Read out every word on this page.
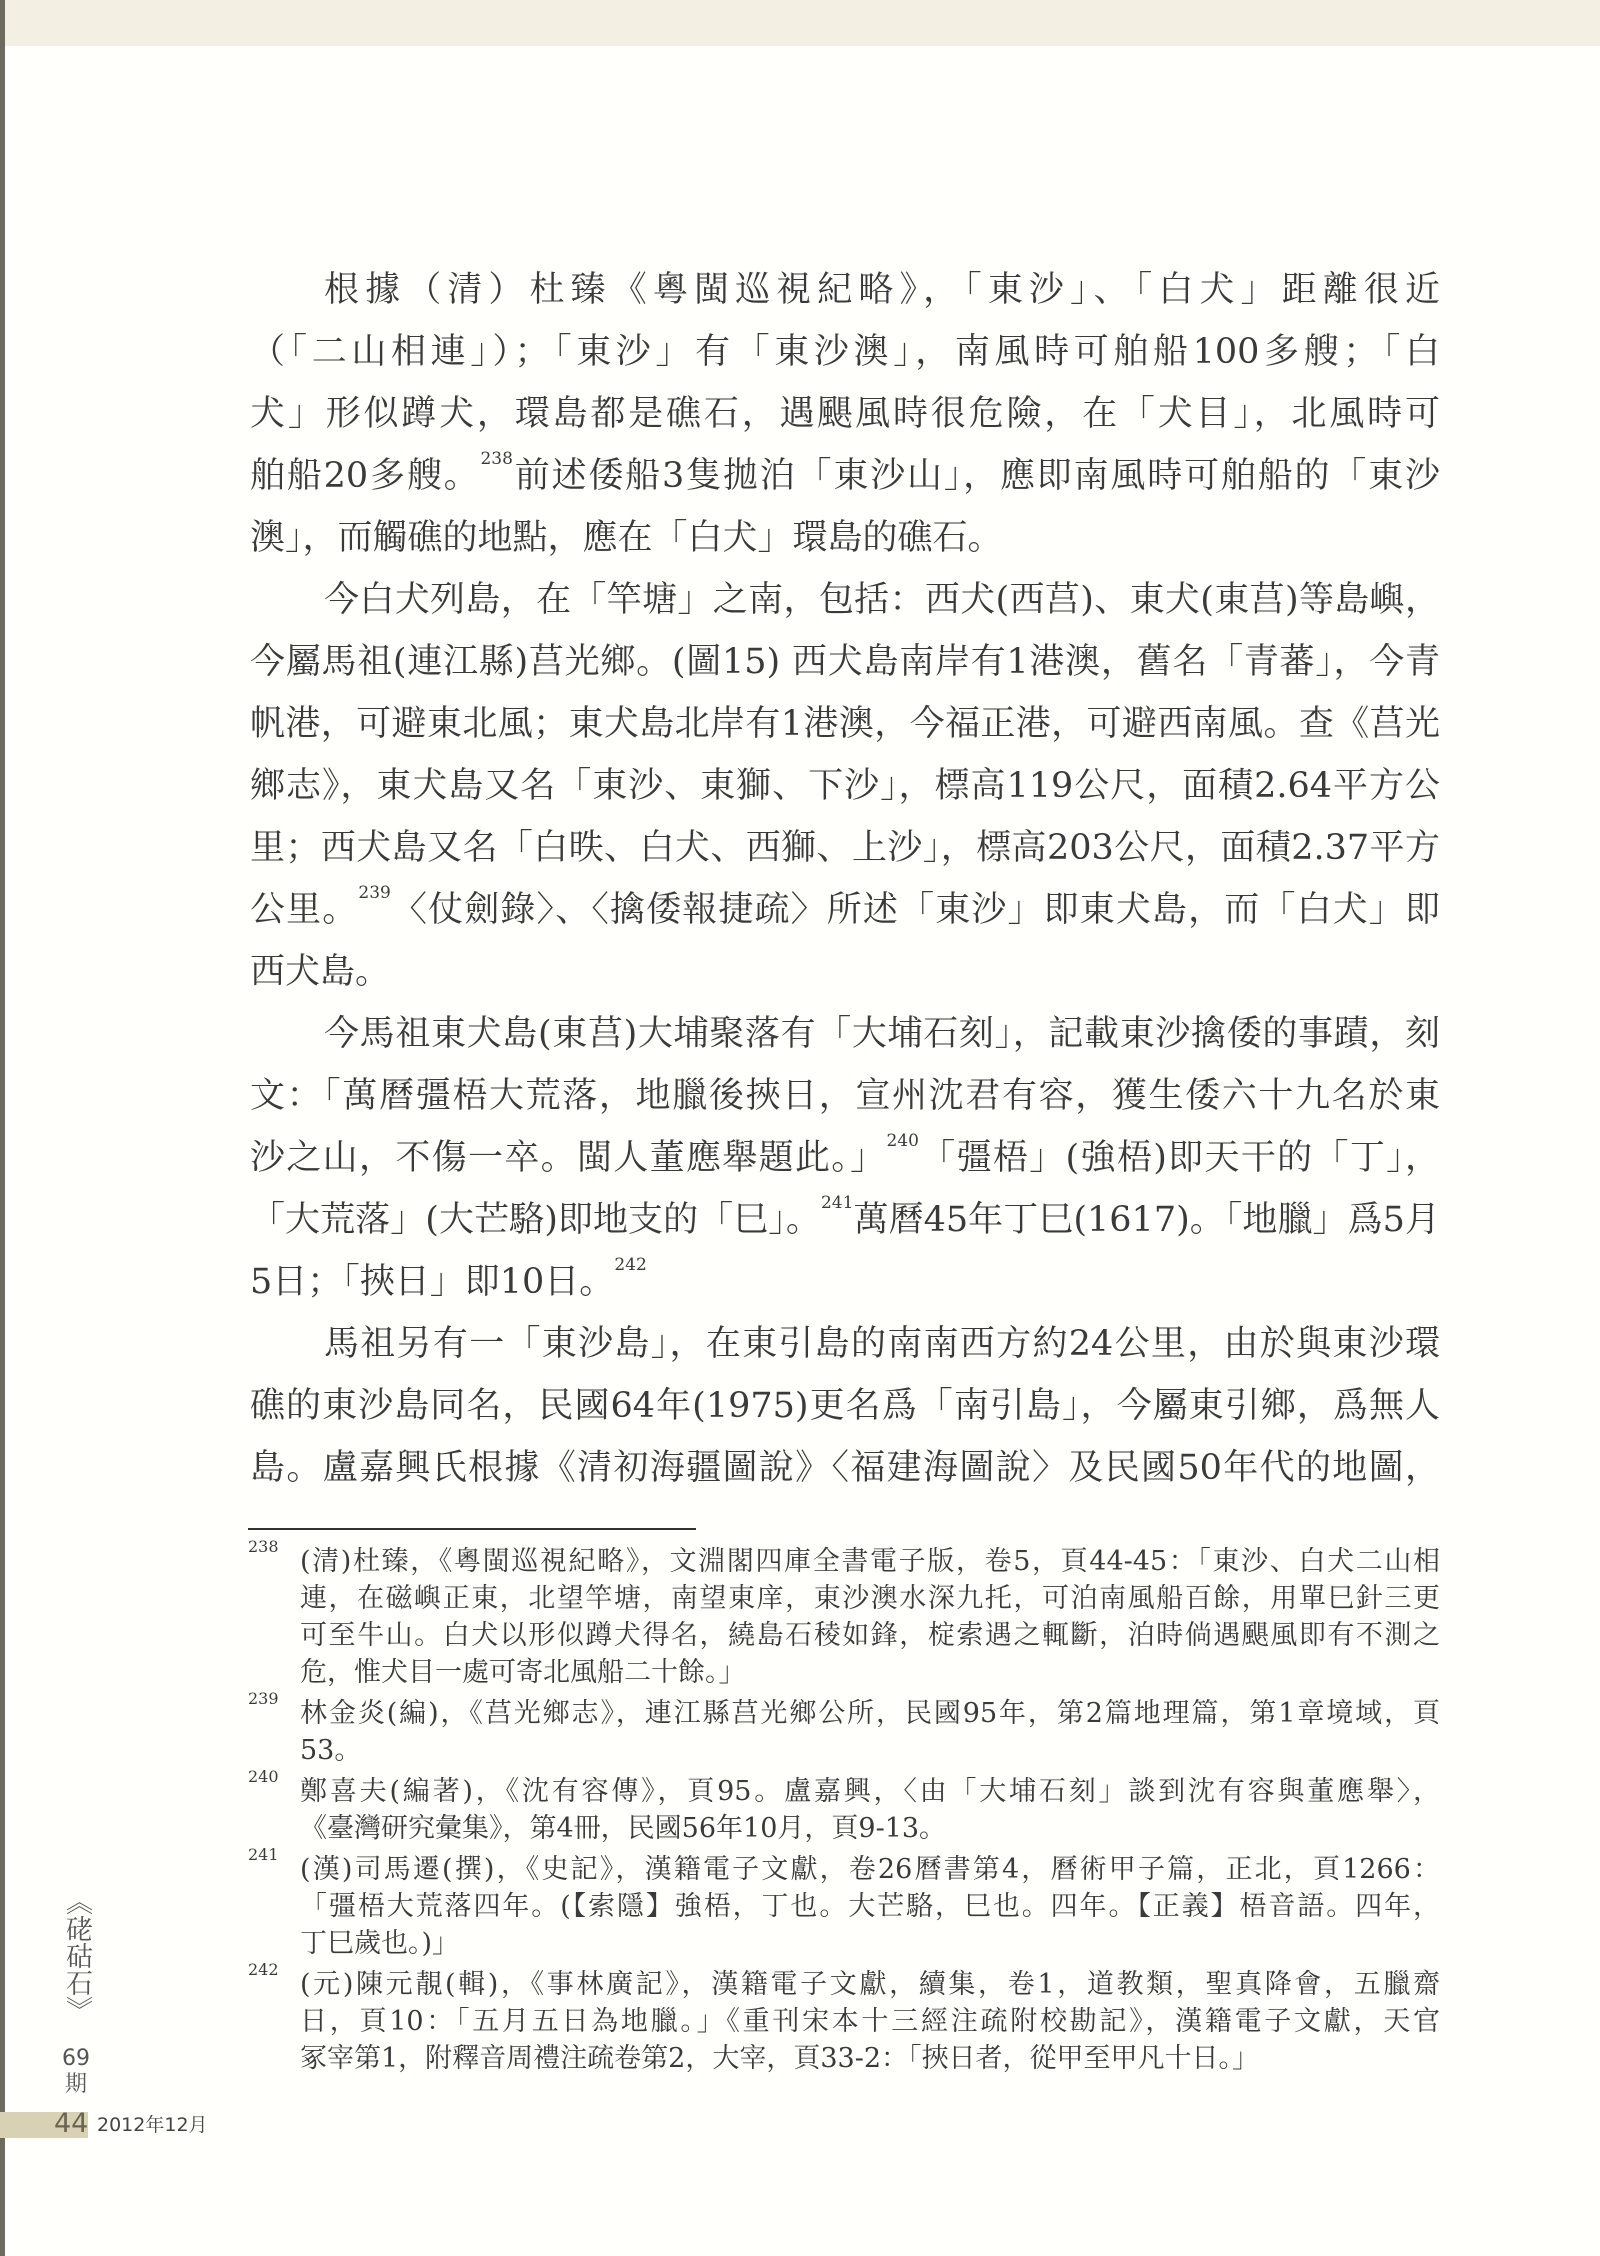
根據（清）杜臻《粵閩巡視紀略》，「東沙」、「白犬」距離很近
（「二山相連」）；「東沙」有「東沙澳」，南風時可舶船100多艘；「白
犬」形似蹲犬，環島都是礁石，遇颶風時很危險，在「犬目」，北風時可
舶船20多艘。$^{238}$前述倭船3隻拋泊「東沙山」，應即南風時可舶船的「東沙
澳」，而觸礁的地點，應在「白犬」環島的礁石。
今白犬列島，在「竿塘」之南，包括：西犬(西莒)、東犬(東莒)等島嶼，
今屬馬祖(連江縣)莒光鄉。(圖15) 西犬島南岸有1港澳，舊名「青蕃」，今青
帆港，可避東北風；東犬島北岸有1港澳，今福正港，可避西南風。查《莒光
鄉志》，東犬島又名「東沙、東獅、下沙」，標高119公尺，面積2.64平方公
里；西犬島又名「白昳、白犬、西獅、上沙」，標高203公尺，面積2.37平方
公里。$^{239}$〈仗劍錄〉、〈擒倭報捷疏〉所述「東沙」即東犬島，而「白犬」即
西犬島。
今馬祖東犬島(東莒)大埔聚落有「大埔石刻」，記載東沙擒倭的事蹟，刻
文：「萬曆彊梧大荒落，地臘後挾日，宣州沈君有容，獲生倭六十九名於東
沙之山，不傷一卒。閩人董應舉題此。」$^{240}$「彊梧」(強梧)即天干的「丁」，
「大荒落」(大芒駱)即地支的「巳」。$^{241}$萬曆45年丁巳(1617)。「地臘」爲5月
5日；「挾日」即10日。$^{242}$
馬祖另有一「東沙島」，在東引島的南南西方約24公里，由於與東沙環
礁的東沙島同名，民國64年(1975)更名爲「南引島」，今屬東引鄉，爲無人
島。盧嘉興氏根據《清初海疆圖說》〈福建海圖說〉及民國50年代的地圖，
238 (清)杜臻，《粵閩巡視紀略》，文淵閣四庫全書電子版，卷5，頁44-45：「東沙、白犬二山相
連，在磁嶼正東，北望竿塘，南望東庠，東沙澳水深九托，可泊南風船百餘，用單巳針三更
可至牛山。白犬以形似蹲犬得名，繞島石稜如鋒，椗索遇之輒斷，泊時倘遇颶風即有不測之
危，惟犬目一處可寄北風船二十餘。」
239 林金炎(編)，《莒光鄉志》，連江縣莒光鄉公所，民國95年，第2篇地理篇，第1章境域，頁
53。
240 鄭喜夫(編著)，《沈有容傳》，頁95。盧嘉興，〈由「大埔石刻」談到沈有容與董應舉〉，
《臺灣研究彙集》，第4冊，民國56年10月，頁9-13。
241 (漢)司馬遷(撰)，《史記》，漢籍電子文獻，卷26曆書第4，曆術甲子篇，正北，頁1266：
「彊梧大荒落四年。(【索隱】強梧，丁也。大芒駱，巳也。四年。【正義】梧音語。四年，
丁巳歲也。)」
242 (元)陳元靚(輯)，《事林廣記》，漢籍電子文獻，續集，卷1，道教類，聖真降會，五臘齋
日，頁10：「五月五日為地臘。」《重刊宋本十三經注疏附校勘記》，漢籍電子文獻，天官
冢宰第1，附釋音周禮注疏卷第2，大宰，頁33-2：「挾日者，從甲至甲凡十日。」
《硓𥑮石》
69期
44 2012年12月
